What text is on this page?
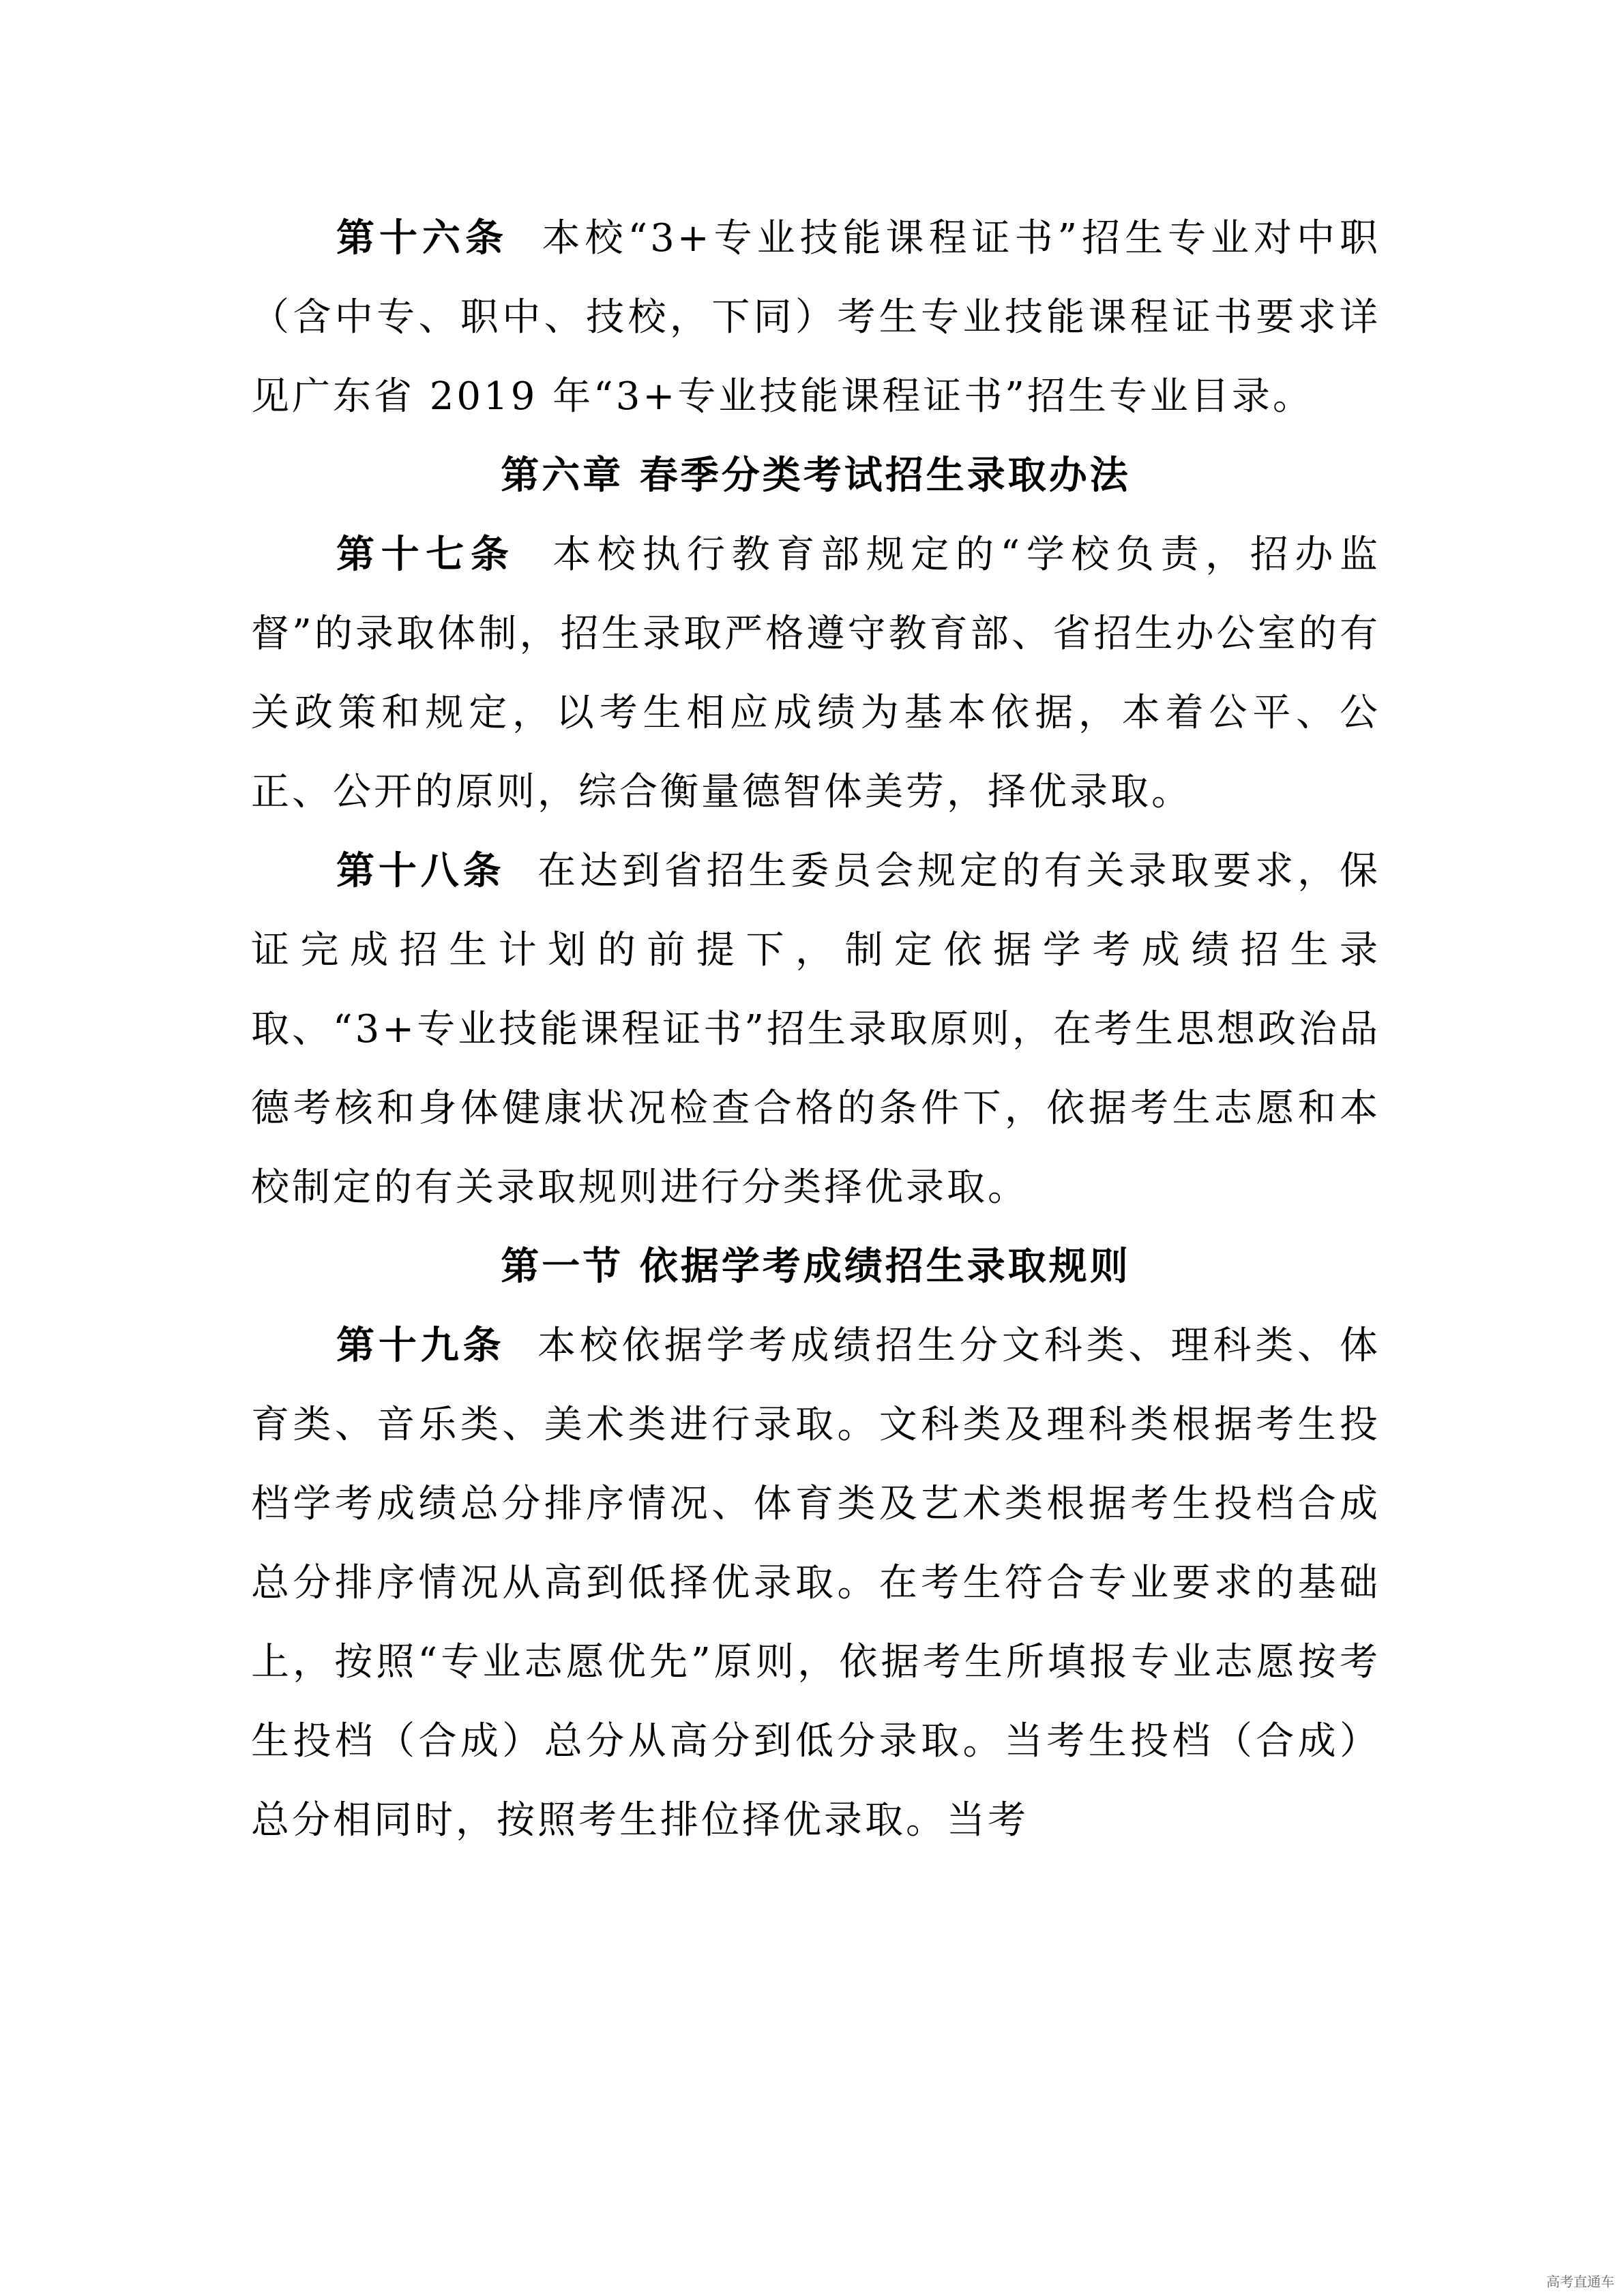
第十六条  本校“3+专业技能课程证书”招生专业对中职（含中专、职中、技校，下同）考生专业技能课程证书要求详见广东省 2019 年“3+专业技能课程证书”招生专业目录。

第六章 春季分类考试招生录取办法

第十七条  本校执行教育部规定的“学校负责，招办监督”的录取体制，招生录取严格遵守教育部、省招生办公室的有关政策和规定，以考生相应成绩为基本依据，本着公平、公正、公开的原则，综合衡量德智体美劳，择优录取。

第十八条  在达到省招生委员会规定的有关录取要求，保证完成招生计划的前提下，制定依据学考成绩招生录取、“3+专业技能课程证书”招生录取原则，在考生思想政治品德考核和身体健康状况检查合格的条件下，依据考生志愿和本校制定的有关录取规则进行分类择优录取。

第一节 依据学考成绩招生录取规则

第十九条  本校依据学考成绩招生分文科类、理科类、体育类、音乐类、美术类进行录取。文科类及理科类根据考生投档学考成绩总分排序情况、体育类及艺术类根据考生投档合成总分排序情况从高到低择优录取。在考生符合专业要求的基础上，按照“专业志愿优先”原则，依据考生所填报专业志愿按考生投档（合成）总分从高分到低分录取。当考生投档（合成）总分相同时，按照考生排位择优录取。当考

高考直通车
